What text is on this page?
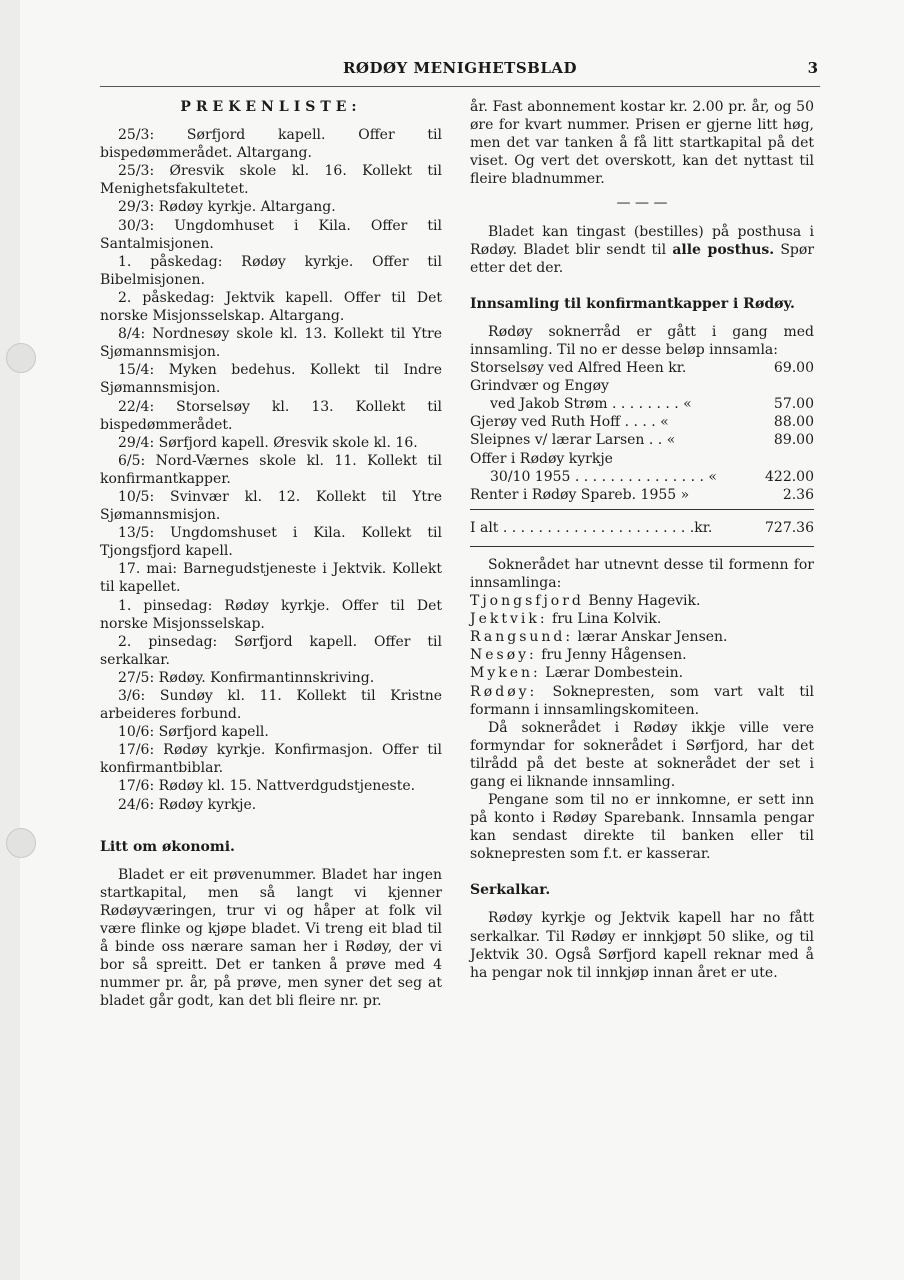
RØDØY MENIGHETSBLAD	3
PREKENLISTE:

25/3: Sørfjord kapell. Offer til bispedømmerådet. Altargang.

25/3: Øresvik skole kl. 16. Kollekt til Menighetsfakultetet.

29/3: Rødøy kyrkje. Altargang.

30/3: Ungdomhuset i Kila. Offer til Santalmisjonen.

1. påskedag: Rødøy kyrkje. Offer til Bibelmisjonen.

2. påskedag: Jektvik kapell. Offer til Det norske Misjonsselskap. Altargang.

8/4: Nordnesøy skole kl. 13. Kollekt til Ytre Sjømannsmisjon.

15/4: Myken bedehus. Kollekt til Indre Sjømannsmisjon.

22/4: Storselsøy kl. 13. Kollekt til bispedømmerådet.

29/4: Sørfjord kapell. Øresvik skole kl. 16.

6/5: Nord-Værnes skole kl. 11. Kollekt til konfirmantkapper.

10/5: Svinvær kl. 12. Kollekt til Ytre Sjømannsmisjon.

13/5: Ungdomshuset i Kila. Kollekt til Tjongsfjord kapell.

17. mai: Barnegudstjeneste i Jektvik. Kollekt til kapellet.

1. pinsedag: Rødøy kyrkje. Offer til Det norske Misjonsselskap.

2. pinsedag: Sørfjord kapell. Offer til serkalkar.

27/5: Rødøy. Konfirmantinnskriving.

3/6: Sundøy kl. 11. Kollekt til Kristne arbeideres forbund.

10/6: Sørfjord kapell.

17/6: Rødøy kyrkje. Konfirmasjon. Offer til konfirmantbiblar.

17/6: Rødøy kl. 15. Nattverdgudstjeneste.

24/6: Rødøy kyrkje.

Litt om økonomi.

Bladet er eit prøvenummer. Bladet har ingen startkapital, men så langt vi kjenner Rødøyværingen, trur vi og håper at folk vil være flinke og kjøpe bladet. Vi treng eit blad til å binde oss nærare saman her i Rødøy, der vi bor så spreitt. Det er tanken å prøve med 4 nummer pr. år, på prøve, men syner det seg at bladet går godt, kan det bli fleire nr. pr.

år. Fast abonnement kostar kr. 2.00 pr. år, og 50 øre for kvart nummer. Prisen er gjerne litt høg, men det var tanken å få litt startkapital på det viset. Og vert det overskott, kan det nyttast til fleire bladnummer.

— — —

Bladet kan tingast (bestilles) på posthusa i Rødøy. Bladet blir sendt til alle posthus. Spør etter det der.

Innsamling til konfirmantkapper i Rødøy.

Rødøy soknerråd er gått i gang med innsamling. Til no er desse beløp innsamla:

Storselsøy ved Alfred Heen kr.	69.00
Grindvær og Engøy
ved Jakob Strøm . . . . . . . . «	57.00
Gjerøy ved Ruth Hoff . . . . «	88.00
Sleipnes v/ lærar Larsen . . «	89.00
Offer i Rødøy kyrkje
30/10 1955 . . . . . . . . . . . . . . . «	422.00
Renter i Rødøy Spareb. 1955 »	2.36
I alt . . . . . . . . . . . . . . . . . . . . . .kr.	727.36

Soknerådet har utnevnt desse til formenn for innsamlinga:

Tjongsfjord Benny Hagevik.

Jektvik: fru Lina Kolvik.

Rangsund: lærar Anskar Jensen.

Nesøy: fru Jenny Hågensen.

Myken: Lærar Dombestein.

Rødøy: Soknepresten, som vart valt til formann i innsamlingskomiteen.

Då soknerådet i Rødøy ikkje ville vere formyndar for soknerådet i Sørfjord, har det tilrådd på det beste at soknerådet der set i gang ei liknande innsamling.

Pengane som til no er innkomne, er sett inn på konto i Rødøy Sparebank. Innsamla pengar kan sendast direkte til banken eller til soknepresten som f.t. er kasserar.

Serkalkar.

Rødøy kyrkje og Jektvik kapell har no fått serkalkar. Til Rødøy er innkjøpt 50 slike, og til Jektvik 30. Også Sørfjord kapell reknar med å ha pengar nok til innkjøp innan året er ute.
